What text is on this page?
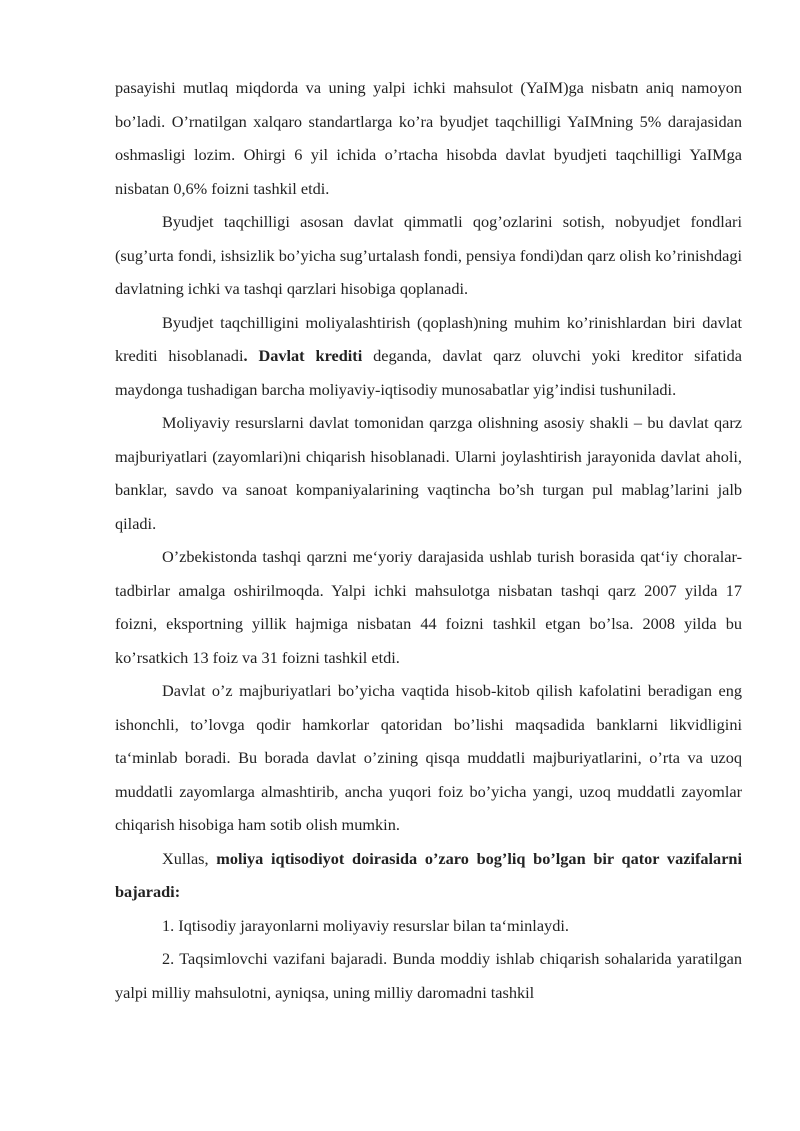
pasayishi mutlaq miqdorda va uning yalpi ichki mahsulot (YaIM)ga nisbatn aniq namoyon bo’ladi. O’rnatilgan xalqaro standartlarga ko’ra byudjet taqchilligi YaIMning 5% darajasidan oshmasligi lozim. Ohirgi 6 yil ichida o’rtacha hisobda davlat byudjeti taqchilligi YaIMga nisbatan 0,6% foizni tashkil etdi.

Byudjet taqchilligi asosan davlat qimmatli qog’ozlarini sotish, nobyudjet fondlari (sug’urta fondi, ishsizlik bo’yicha sug’urtalash fondi, pensiya fondi)dan qarz olish ko’rinishdagi davlatning ichki va tashqi qarzlari hisobiga qoplanadi.

Byudjet taqchilligini moliyalashtirish (qoplash)ning muhim ko’rinishlardan biri davlat krediti hisoblanadi. Davlat krediti deganda, davlat qarz oluvchi yoki kreditor sifatida maydonga tushadigan barcha moliyaviy-iqtisodiy munosabatlar yig’indisi tushuniladi.

Moliyaviy resurslarni davlat tomonidan qarzga olishning asosiy shakli – bu davlat qarz majburiyatlari (zayomlari)ni chiqarish hisoblanadi. Ularni joylashtirish jarayonida davlat aholi, banklar, savdo va sanoat kompaniyalarining vaqtincha bo’sh turgan pul mablag’larini jalb qiladi.

O’zbekistonda tashqi qarzni me‘yoriy darajasida ushlab turish borasida qat‘iy choralar-tadbirlar amalga oshirilmoqda. Yalpi ichki mahsulotga nisbatan tashqi qarz 2007 yilda 17 foizni, eksportning yillik hajmiga nisbatan 44 foizni tashkil etgan bo’lsa. 2008 yilda bu ko’rsatkich 13 foiz va 31 foizni tashkil etdi.

Davlat o’z majburiyatlari bo’yicha vaqtida hisob-kitob qilish kafolatini beradigan eng ishonchli, to’lovga qodir hamkorlar qatoridan bo’lishi maqsadida banklarni likvidligini ta‘minlab boradi. Bu borada davlat o’zining qisqa muddatli majburiyatlarini, o’rta va uzoq muddatli zayomlarga almashtirib, ancha yuqori foiz bo’yicha yangi, uzoq muddatli zayomlar chiqarish hisobiga ham sotib olish mumkin.

Xullas, moliya iqtisodiyot doirasida o’zaro bog’liq bo’lgan bir qator vazifalarni bajaradi:

1. Iqtisodiy jarayonlarni moliyaviy resurslar bilan ta‘minlaydi.

2. Taqsimlovchi vazifani bajaradi. Bunda moddiy ishlab chiqarish sohalarida yaratilgan yalpi milliy mahsulotni, ayniqsa, uning milliy daromadni tashkil
